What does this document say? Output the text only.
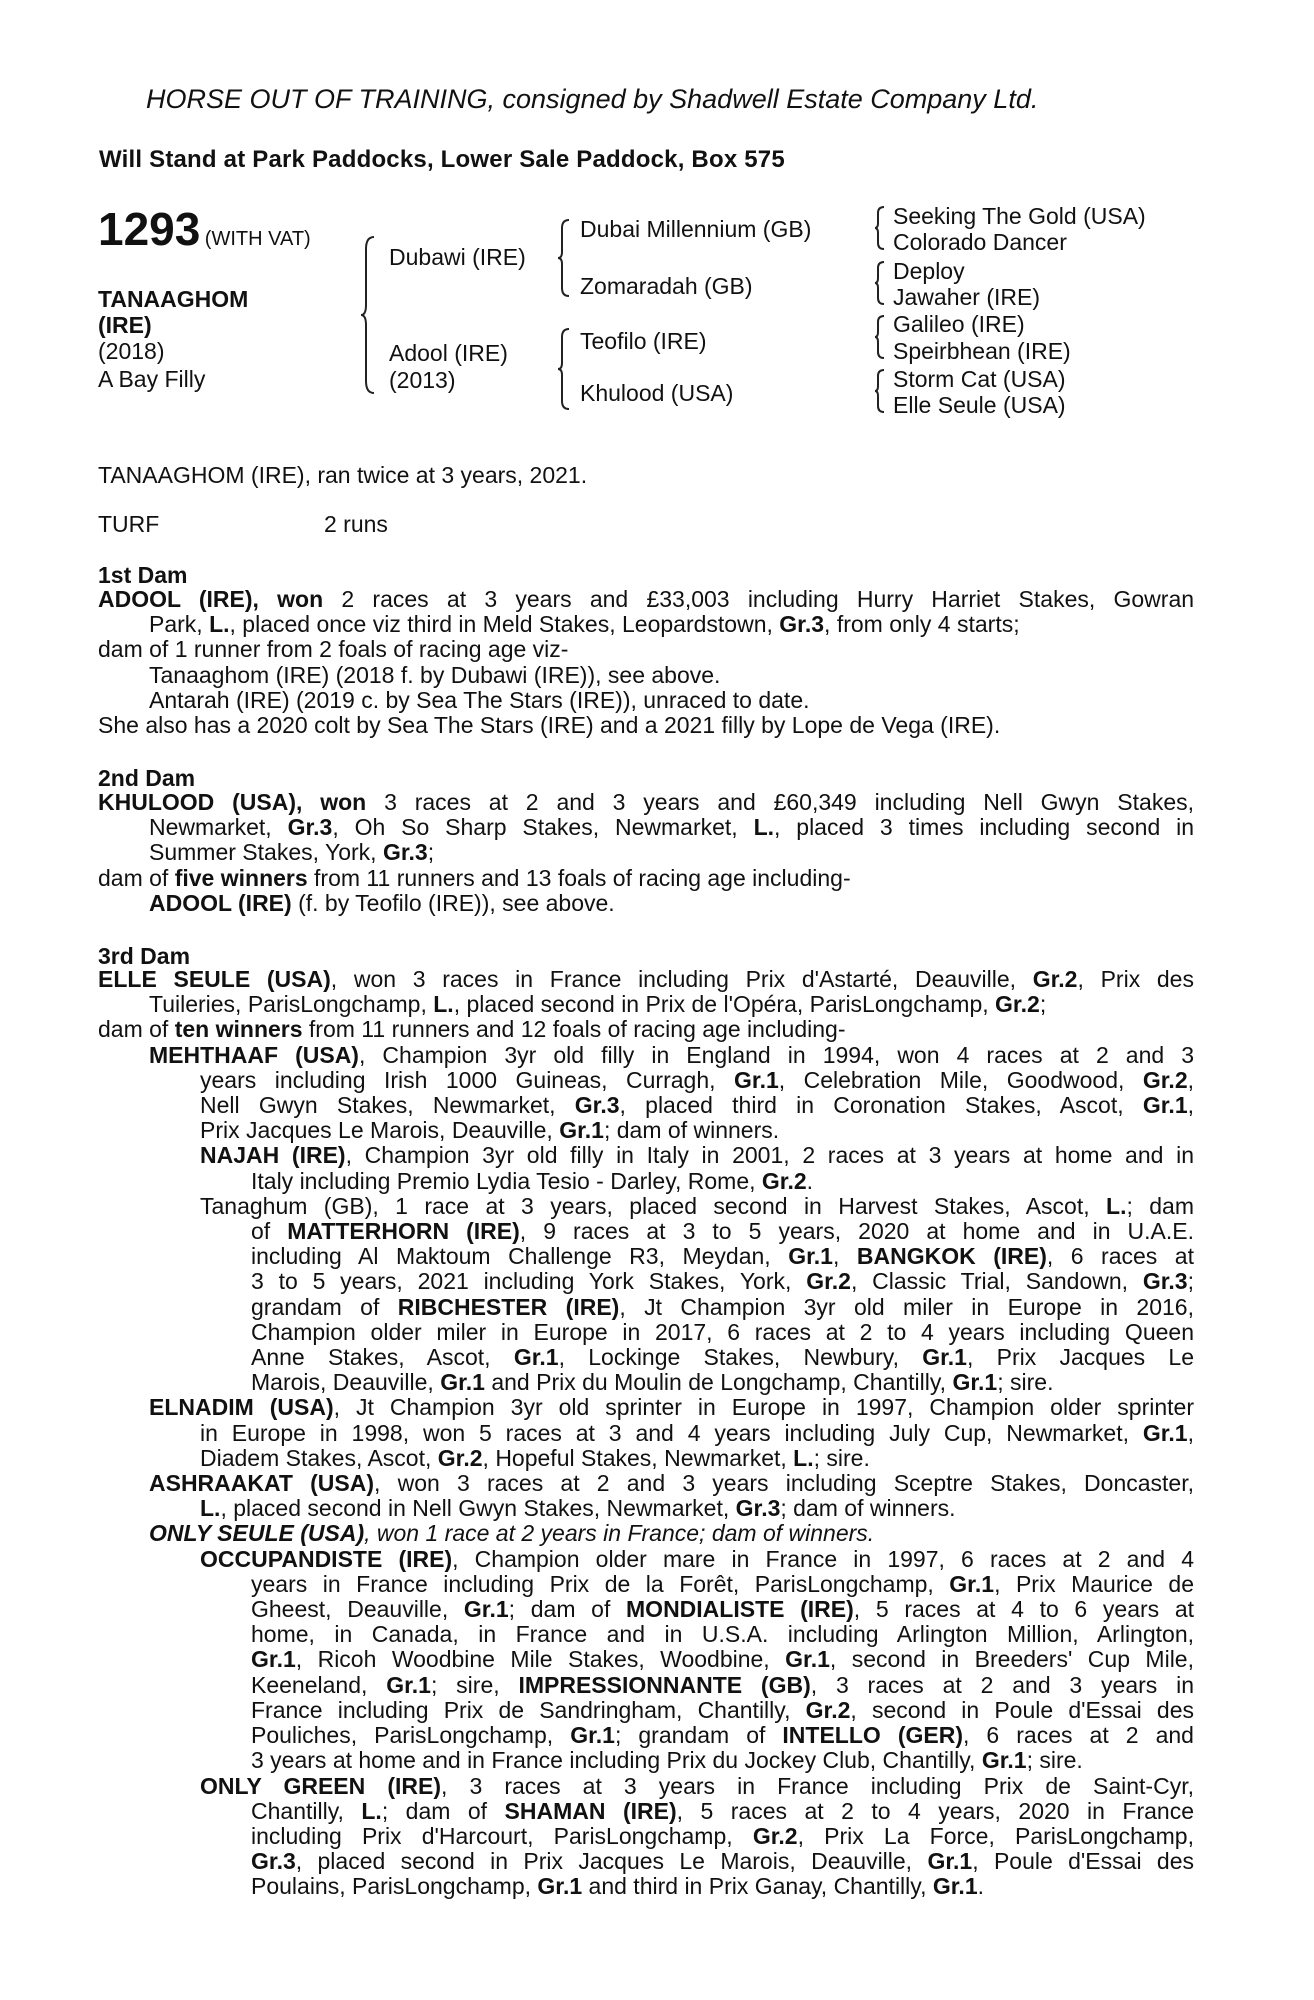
HORSE OUT OF TRAINING, consigned by Shadwell Estate Company Ltd.
Will Stand at Park Paddocks, Lower Sale Paddock, Box 575
1293 (WITH VAT)
TANAAGHOM
(IRE)
(2018)
A Bay Filly
Dubawi (IRE)
Adool (IRE)
(2013)
Dubai Millennium (GB)
Zomaradah (GB)
Teofilo (IRE)
Khulood (USA)
Seeking The Gold (USA)
Colorado Dancer
Deploy
Jawaher (IRE)
Galileo (IRE)
Speirbhean (IRE)
Storm Cat (USA)
Elle Seule (USA)
TANAAGHOM (IRE), ran twice at 3 years, 2021.
TURF	2 runs
1st Dam
ADOOL (IRE), won 2 races at 3 years and £33,003 including Hurry Harriet Stakes, Gowran
Park, L., placed once viz third in Meld Stakes, Leopardstown, Gr.3, from only 4 starts;
dam of 1 runner from 2 foals of racing age viz-
Tanaaghom (IRE) (2018 f. by Dubawi (IRE)), see above.
Antarah (IRE) (2019 c. by Sea The Stars (IRE)), unraced to date.
She also has a 2020 colt by Sea The Stars (IRE) and a 2021 filly by Lope de Vega (IRE).
2nd Dam
KHULOOD (USA), won 3 races at 2 and 3 years and £60,349 including Nell Gwyn Stakes,
Newmarket, Gr.3, Oh So Sharp Stakes, Newmarket, L., placed 3 times including second in
Summer Stakes, York, Gr.3;
dam of five winners from 11 runners and 13 foals of racing age including-
ADOOL (IRE) (f. by Teofilo (IRE)), see above.
3rd Dam
ELLE SEULE (USA), won 3 races in France including Prix d'Astarté, Deauville, Gr.2, Prix des
Tuileries, ParisLongchamp, L., placed second in Prix de l'Opéra, ParisLongchamp, Gr.2;
dam of ten winners from 11 runners and 12 foals of racing age including-
MEHTHAAF (USA), Champion 3yr old filly in England in 1994, won 4 races at 2 and 3
years including Irish 1000 Guineas, Curragh, Gr.1, Celebration Mile, Goodwood, Gr.2,
Nell Gwyn Stakes, Newmarket, Gr.3, placed third in Coronation Stakes, Ascot, Gr.1,
Prix Jacques Le Marois, Deauville, Gr.1; dam of winners.
NAJAH (IRE), Champion 3yr old filly in Italy in 2001, 2 races at 3 years at home and in
Italy including Premio Lydia Tesio - Darley, Rome, Gr.2.
Tanaghum (GB), 1 race at 3 years, placed second in Harvest Stakes, Ascot, L.; dam
of MATTERHORN (IRE), 9 races at 3 to 5 years, 2020 at home and in U.A.E.
including Al Maktoum Challenge R3, Meydan, Gr.1, BANGKOK (IRE), 6 races at
3 to 5 years, 2021 including York Stakes, York, Gr.2, Classic Trial, Sandown, Gr.3;
grandam of RIBCHESTER (IRE), Jt Champion 3yr old miler in Europe in 2016,
Champion older miler in Europe in 2017, 6 races at 2 to 4 years including Queen
Anne Stakes, Ascot, Gr.1, Lockinge Stakes, Newbury, Gr.1, Prix Jacques Le
Marois, Deauville, Gr.1 and Prix du Moulin de Longchamp, Chantilly, Gr.1; sire.
ELNADIM (USA), Jt Champion 3yr old sprinter in Europe in 1997, Champion older sprinter
in Europe in 1998, won 5 races at 3 and 4 years including July Cup, Newmarket, Gr.1,
Diadem Stakes, Ascot, Gr.2, Hopeful Stakes, Newmarket, L.; sire.
ASHRAAKAT (USA), won 3 races at 2 and 3 years including Sceptre Stakes, Doncaster,
L., placed second in Nell Gwyn Stakes, Newmarket, Gr.3; dam of winners.
ONLY SEULE (USA), won 1 race at 2 years in France; dam of winners.
OCCUPANDISTE (IRE), Champion older mare in France in 1997, 6 races at 2 and 4
years in France including Prix de la Forêt, ParisLongchamp, Gr.1, Prix Maurice de
Gheest, Deauville, Gr.1; dam of MONDIALISTE (IRE), 5 races at 4 to 6 years at
home, in Canada, in France and in U.S.A. including Arlington Million, Arlington,
Gr.1, Ricoh Woodbine Mile Stakes, Woodbine, Gr.1, second in Breeders' Cup Mile,
Keeneland, Gr.1; sire, IMPRESSIONNANTE (GB), 3 races at 2 and 3 years in
France including Prix de Sandringham, Chantilly, Gr.2, second in Poule d'Essai des
Pouliches, ParisLongchamp, Gr.1; grandam of INTELLO (GER), 6 races at 2 and
3 years at home and in France including Prix du Jockey Club, Chantilly, Gr.1; sire.
ONLY GREEN (IRE), 3 races at 3 years in France including Prix de Saint-Cyr,
Chantilly, L.; dam of SHAMAN (IRE), 5 races at 2 to 4 years, 2020 in France
including Prix d'Harcourt, ParisLongchamp, Gr.2, Prix La Force, ParisLongchamp,
Gr.3, placed second in Prix Jacques Le Marois, Deauville, Gr.1, Poule d'Essai des
Poulains, ParisLongchamp, Gr.1 and third in Prix Ganay, Chantilly, Gr.1.
